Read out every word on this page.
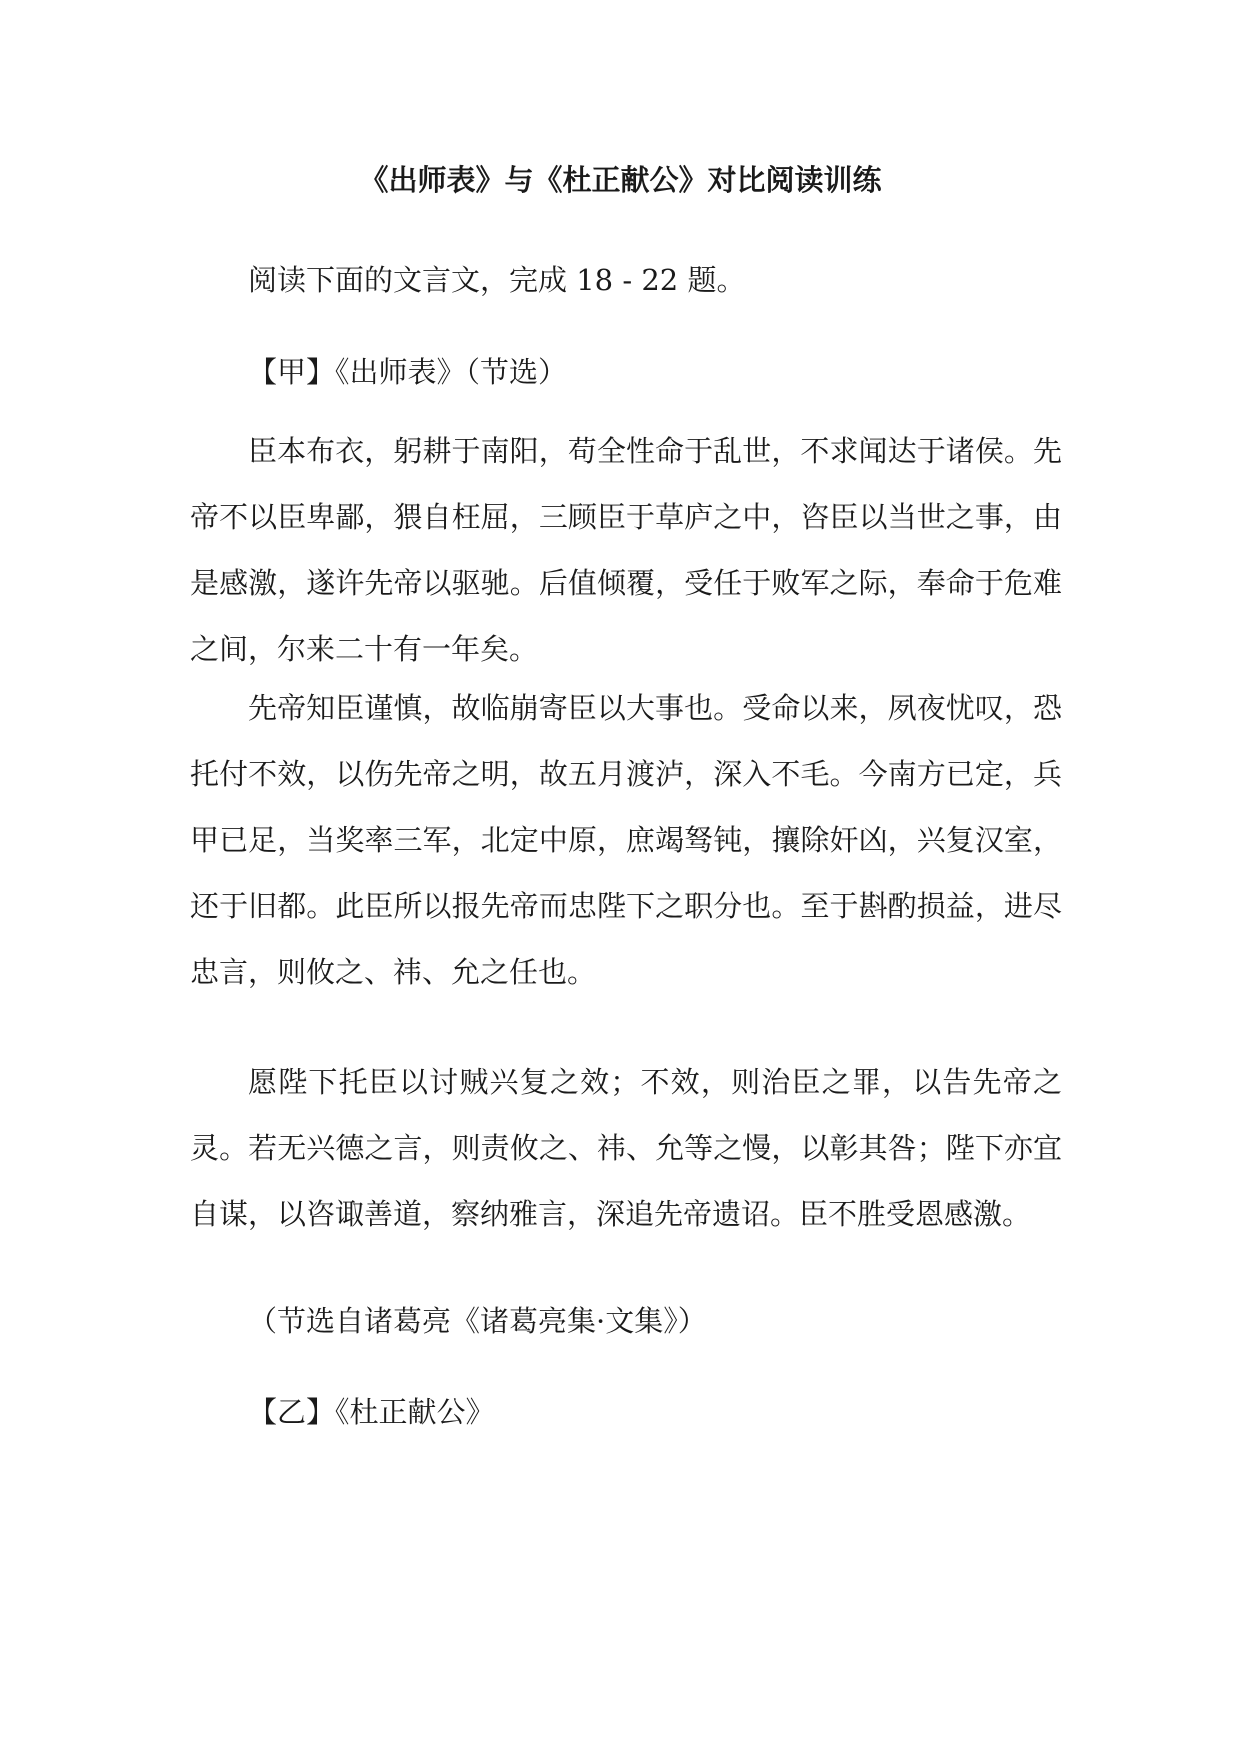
《出师表》与《杜正献公》对比阅读训练
阅读下面的文言文，完成 18 - 22 题。
【甲】《出师表》（节选）
臣本布衣，躬耕于南阳，苟全性命于乱世，不求闻达于诸侯。先帝不以臣卑鄙，猥自枉屈，三顾臣于草庐之中，咨臣以当世之事，由是感激，遂许先帝以驱驰。后值倾覆，受任于败军之际，奉命于危难之间，尔来二十有一年矣。
先帝知臣谨慎，故临崩寄臣以大事也。受命以来，夙夜忧叹，恐托付不效，以伤先帝之明，故五月渡泸，深入不毛。今南方已定，兵甲已足，当奖率三军，北定中原，庶竭驽钝，攘除奸凶，兴复汉室，还于旧都。此臣所以报先帝而忠陛下之职分也。至于斟酌损益，进尽忠言，则攸之、祎、允之任也。
愿陛下托臣以讨贼兴复之效；不效，则治臣之罪，以告先帝之灵。若无兴德之言，则责攸之、祎、允等之慢，以彰其咎；陛下亦宜自谋，以咨诹善道，察纳雅言，深追先帝遗诏。臣不胜受恩感激。
（节选自诸葛亮《诸葛亮集·文集》）
【乙】《杜正献公》
